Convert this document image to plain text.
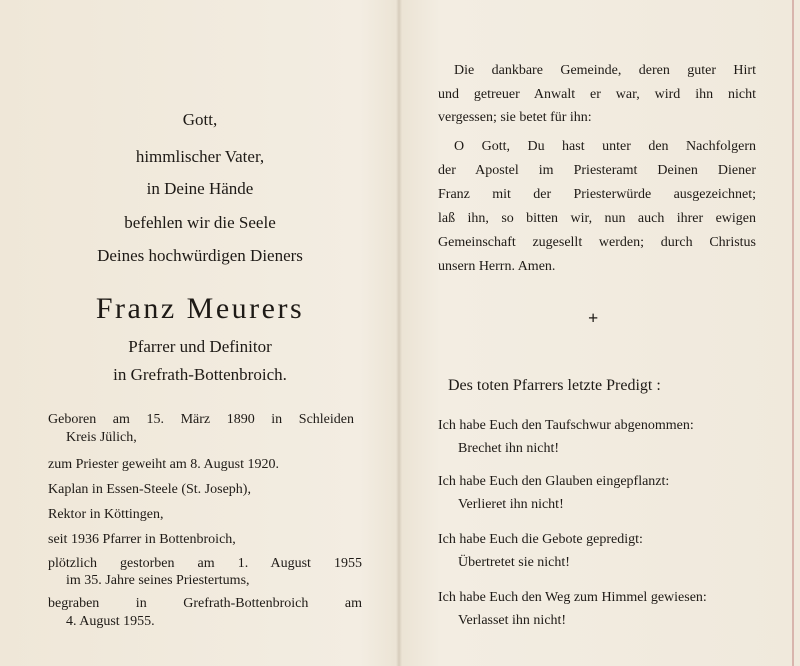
Gott,
himmlischer Vater,
in Deine Hände
befehlen wir die Seele
Deines hochwürdigen Dieners
Franz Meurers
Pfarrer und Definitor
in Grefrath-Bottenbroich.
Geboren am 15. März 1890 in Schleiden
Kreis Jülich,
zum Priester geweiht am 8. August 1920.
Kaplan in Essen-Steele (St. Joseph),
Rektor in Köttingen,
seit 1936 Pfarrer in Bottenbroich,
plötzlich gestorben am 1. August 1955
im 35. Jahre seines Priestertums,
begraben in Grefrath-Bottenbroich am
4. August 1955.
Die dankbare Gemeinde, deren guter Hirt
und getreuer Anwalt er war, wird ihn nicht
vergessen; sie betet für ihn:
O Gott, Du hast unter den Nachfolgern
der Apostel im Priesteramt Deinen Diener
Franz mit der Priesterwürde ausgezeichnet;
laß ihn, so bitten wir, nun auch ihrer ewigen
Gemeinschaft zugesellt werden; durch Christus
unsern Herrn. Amen.
+
Des toten Pfarrers letzte Predigt :
Ich habe Euch den Taufschwur abgenommen:
Brechet ihn nicht!
Ich habe Euch den Glauben eingepflanzt:
Verlieret ihn nicht!
Ich habe Euch die Gebote gepredigt:
Übertretet sie nicht!
Ich habe Euch den Weg zum Himmel gewiesen:
Verlasset ihn nicht!
